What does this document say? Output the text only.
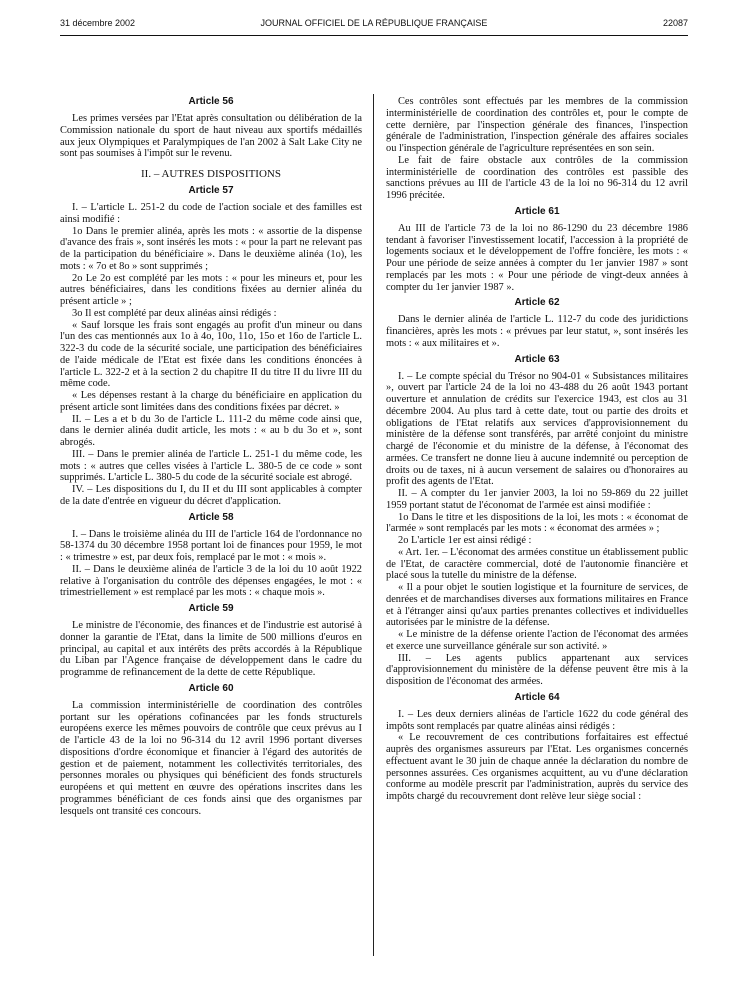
31 décembre 2002	JOURNAL OFFICIEL DE LA RÉPUBLIQUE FRANÇAISE	22087
Article 56

Les primes versées par l'Etat après consultation ou délibération de la Commission nationale du sport de haut niveau aux sportifs médaillés aux jeux Olympiques et Paralympiques de l'an 2002 à Salt Lake City ne sont pas soumises à l'impôt sur le revenu.

II. – AUTRES DISPOSITIONS
Article 57

I. – L'article L. 251-2 du code de l'action sociale et des familles est ainsi modifié :

1o Dans le premier alinéa, après les mots : « assortie de la dispense d'avance des frais », sont insérés les mots : « pour la part ne relevant pas de la participation du bénéficiaire ». Dans le deuxième alinéa (1o), les mots : « 7o et 8o » sont supprimés ;

2o Le 2o est complété par les mots : « pour les mineurs et, pour les autres bénéficiaires, dans les conditions fixées au dernier alinéa du présent article » ;

3o Il est complété par deux alinéas ainsi rédigés :

« Sauf lorsque les frais sont engagés au profit d'un mineur ou dans l'un des cas mentionnés aux 1o à 4o, 10o, 11o, 15o et 16o de l'article L. 322-3 du code de la sécurité sociale, une participation des bénéficiaires de l'aide médicale de l'Etat est fixée dans les conditions énoncées à l'article L. 322-2 et à la section 2 du chapitre II du titre II du livre III du même code.

« Les dépenses restant à la charge du bénéficiaire en application du présent article sont limitées dans des conditions fixées par décret. »

II. – Les a et b du 3o de l'article L. 111-2 du même code ainsi que, dans le dernier alinéa dudit article, les mots : « au b du 3o et », sont abrogés.

III. – Dans le premier alinéa de l'article L. 251-1 du même code, les mots : « autres que celles visées à l'article L. 380-5 de ce code » sont supprimés. L'article L. 380-5 du code de la sécurité sociale est abrogé.

IV. – Les dispositions du I, du II et du III sont applicables à compter de la date d'entrée en vigueur du décret d'application.

Article 58

I. – Dans le troisième alinéa du III de l'article 164 de l'ordonnance no 58-1374 du 30 décembre 1958 portant loi de finances pour 1959, le mot : « trimestre » est, par deux fois, remplacé par le mot : « mois ».

II. – Dans le deuxième alinéa de l'article 3 de la loi du 10 août 1922 relative à l'organisation du contrôle des dépenses engagées, le mot : « trimestriellement » est remplacé par les mots : « chaque mois ».

Article 59

Le ministre de l'économie, des finances et de l'industrie est autorisé à donner la garantie de l'Etat, dans la limite de 500 millions d'euros en principal, au capital et aux intérêts des prêts accordés à la République du Liban par l'Agence française de développement dans le cadre du programme de refinancement de la dette de cette République.

Article 60

La commission interministérielle de coordination des contrôles portant sur les opérations cofinancées par les fonds structurels européens exerce les mêmes pouvoirs de contrôle que ceux prévus au I de l'article 43 de la loi no 96-314 du 12 avril 1996 portant diverses dispositions d'ordre économique et financier à l'égard des autorités de gestion et de paiement, notamment les collectivités territoriales, des personnes morales ou physiques qui bénéficient des fonds structurels européens et qui mettent en œuvre des opérations inscrites dans les programmes bénéficiant de ces fonds ainsi que des organismes par lesquels ont transité ces concours.

Ces contrôles sont effectués par les membres de la commission interministérielle de coordination des contrôles et, pour le compte de cette dernière, par l'inspection générale des finances, l'inspection générale de l'administration, l'inspection générale des affaires sociales ou l'inspection générale de l'agriculture représentées en son sein.

Le fait de faire obstacle aux contrôles de la commission interministérielle de coordination des contrôles est passible des sanctions prévues au III de l'article 43 de la loi no 96-314 du 12 avril 1996 précitée.

Article 61

Au III de l'article 73 de la loi no 86-1290 du 23 décembre 1986 tendant à favoriser l'investissement locatif, l'accession à la propriété de logements sociaux et le développement de l'offre foncière, les mots : « Pour une période de seize années à compter du 1er janvier 1987 » sont remplacés par les mots : « Pour une période de vingt-deux années à compter du 1er janvier 1987 ».

Article 62

Dans le dernier alinéa de l'article L. 112-7 du code des juridictions financières, après les mots : « prévues par leur statut, », sont insérés les mots : « aux militaires et ».

Article 63

I. – Le compte spécial du Trésor no 904-01 « Subsistances militaires », ouvert par l'article 24 de la loi no 43-488 du 26 août 1943 portant ouverture et annulation de crédits sur l'exercice 1943, est clos au 31 décembre 2004. Au plus tard à cette date, tout ou partie des droits et obligations de l'Etat relatifs aux services d'approvisionnement du ministère de la défense sont transférés, par arrêté conjoint du ministre chargé de l'économie et du ministre de la défense, à l'économat des armées. Ce transfert ne donne lieu à aucune indemnité ou perception de droits ou de taxes, ni à aucun versement de salaires ou d'honoraires au profit des agents de l'Etat.

II. – A compter du 1er janvier 2003, la loi no 59-869 du 22 juillet 1959 portant statut de l'économat de l'armée est ainsi modifiée :

1o Dans le titre et les dispositions de la loi, les mots : « économat de l'armée » sont remplacés par les mots : « économat des armées » ;

2o L'article 1er est ainsi rédigé :

« Art. 1er. – L'économat des armées constitue un établissement public de l'Etat, de caractère commercial, doté de l'autonomie financière et placé sous la tutelle du ministre de la défense.

« Il a pour objet le soutien logistique et la fourniture de services, de denrées et de marchandises diverses aux formations militaires en France et à l'étranger ainsi qu'aux parties prenantes collectives et individuelles autorisées par le ministre de la défense.

« Le ministre de la défense oriente l'action de l'économat des armées et exerce une surveillance générale sur son activité. »

III. – Les agents publics appartenant aux services d'approvisionnement du ministère de la défense peuvent être mis à la disposition de l'économat des armées.

Article 64

I. – Les deux derniers alinéas de l'article 1622 du code général des impôts sont remplacés par quatre alinéas ainsi rédigés :

« Le recouvrement de ces contributions forfaitaires est effectué auprès des organismes assureurs par l'Etat. Les organismes concernés effectuent avant le 30 juin de chaque année la déclaration du nombre de personnes assurées. Ces organismes acquittent, au vu d'une déclaration conforme au modèle prescrit par l'administration, auprès du service des impôts chargé du recouvrement dont relève leur siège social :
